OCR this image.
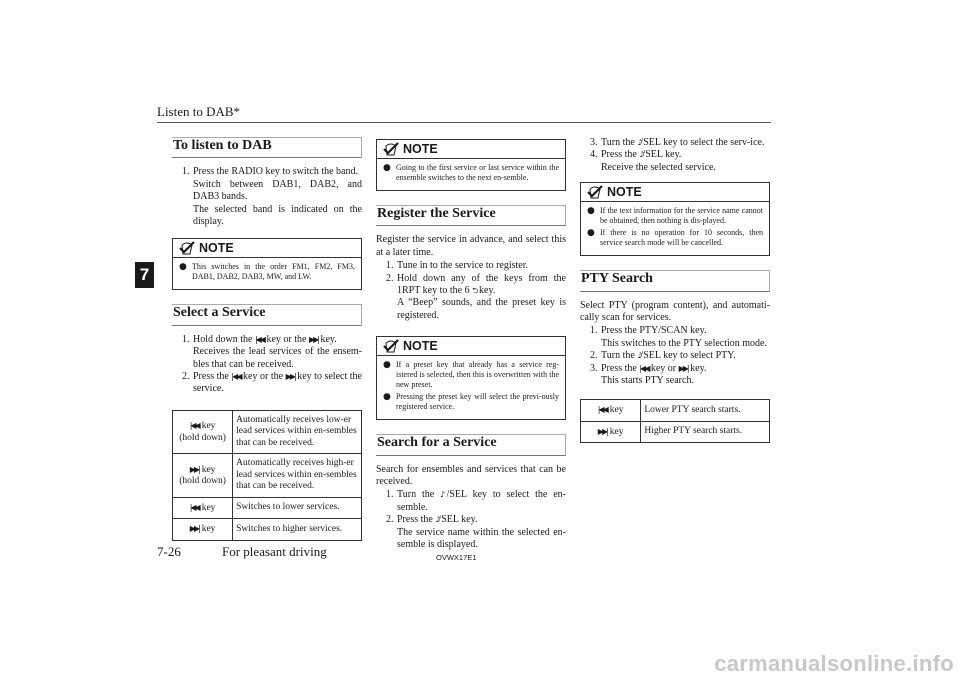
Listen to DAB*
7
To listen to DAB
1. Press the RADIO key to switch the band.
Switch between DAB1, DAB2, and DAB3 bands.
The selected band is indicated on the display.
NOTE
● This switches in the order FM1, FM2, FM3, DAB1, DAB2, DAB3, MW, and LW.
Select a Service
1. Hold down the |◀◀ key or the ▶▶| key.
Receives the lead services of the ensem-bles that can be received.
2. Press the |◀◀ key or the ▶▶| key to select the service.
|◀◀ key
(hold down)	Automatically receives low-er lead services within en-sembles that can be received.
▶▶| key
(hold down)	Automatically receives high-er lead services within en-sembles that can be received.
|◀◀ key	Switches to lower services.
▶▶| key	Switches to higher services.
NOTE
● Going to the first service or last service within the ensemble switches to the next en-semble.
Register the Service
Register the service in advance, and select this at a later time.
1. Tune in to the service to register.
2. Hold down any of the keys from the 1RPT key to the 6 ⮌ key.
A “Beep” sounds, and the preset key is registered.
NOTE
● If a preset key that already has a service reg-istered is selected, then this is overwritten with the new preset.
● Pressing the preset key will select the previ-ously registered service.
Search for a Service
Search for ensembles and services that can be received.
1. Turn the ♪/SEL key to select the en-semble.
2. Press the ♪/SEL key.
The service name within the selected en-semble is displayed.
3. Turn the ♪/SEL key to select the serv-ice.
4. Press the ♪/SEL key.
Receive the selected service.
NOTE
● If the text information for the service name cannot be obtained, then nothing is dis-played.
● If there is no operation for 10 seconds, then service search mode will be cancelled.
PTY Search
Select PTY (program content), and automati-cally scan for services.
1. Press the PTY/SCAN key.
This switches to the PTY selection mode.
2. Turn the ♪/SEL key to select PTY.
3. Press the |◀◀ key or ▶▶| key.
This starts PTY search.
|◀◀ key	Lower PTY search starts.
▶▶| key	Higher PTY search starts.
7-26	For pleasant driving	OVWX17E1
carmanualsonline.info
